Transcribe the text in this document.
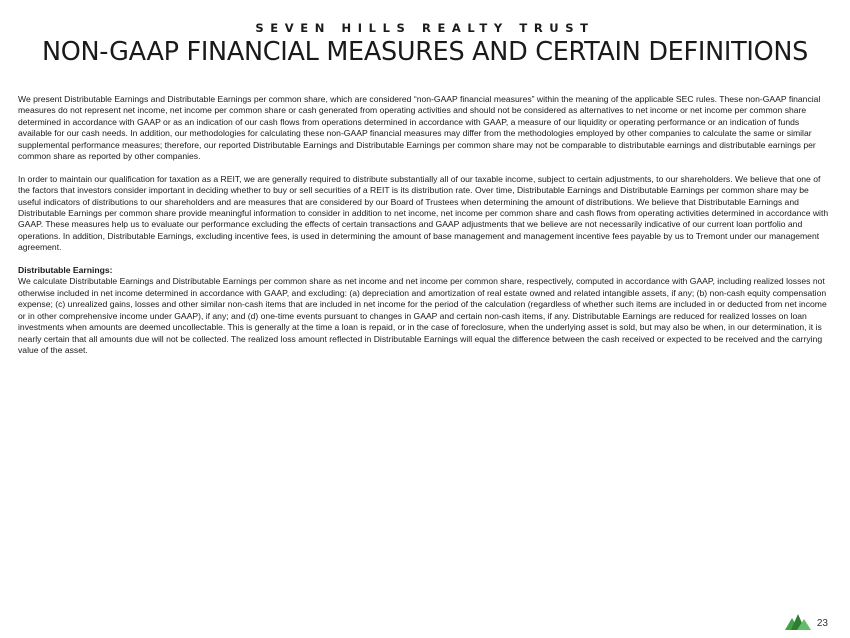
SEVEN HILLS REALTY TRUST
NON-GAAP FINANCIAL MEASURES AND CERTAIN DEFINITIONS

We present Distributable Earnings and Distributable Earnings per common share, which are considered “non-GAAP financial measures” within the meaning of the applicable SEC rules. These non-GAAP financial measures do not represent net income, net income per common share or cash generated from operating activities and should not be considered as alternatives to net income or net income per common share determined in accordance with GAAP or as an indication of our cash flows from operations determined in accordance with GAAP, a measure of our liquidity or operating performance or an indication of funds available for our cash needs. In addition, our methodologies for calculating these non-GAAP financial measures may differ from the methodologies employed by other companies to calculate the same or similar supplemental performance measures; therefore, our reported Distributable Earnings and Distributable Earnings per common share may not be comparable to distributable earnings and distributable earnings per common share as reported by other companies.

In order to maintain our qualification for taxation as a REIT, we are generally required to distribute substantially all of our taxable income, subject to certain adjustments, to our shareholders. We believe that one of the factors that investors consider important in deciding whether to buy or sell securities of a REIT is its distribution rate. Over time, Distributable Earnings and Distributable Earnings per common share may be useful indicators of distributions to our shareholders and are measures that are considered by our Board of Trustees when determining the amount of distributions. We believe that Distributable Earnings and Distributable Earnings per common share provide meaningful information to consider in addition to net income, net income per common share and cash flows from operating activities determined in accordance with GAAP. These measures help us to evaluate our performance excluding the effects of certain transactions and GAAP adjustments that we believe are not necessarily indicative of our current loan portfolio and operations. In addition, Distributable Earnings, excluding incentive fees, is used in determining the amount of base management and management incentive fees payable by us to Tremont under our management agreement.

Distributable Earnings:

We calculate Distributable Earnings and Distributable Earnings per common share as net income and net income per common share, respectively, computed in accordance with GAAP, including realized losses not otherwise included in net income determined in accordance with GAAP, and excluding: (a) depreciation and amortization of real estate owned and related intangible assets, if any; (b) non-cash equity compensation expense; (c) unrealized gains, losses and other similar non-cash items that are included in net income for the period of the calculation (regardless of whether such items are included in or deducted from net income or in other comprehensive income under GAAP), if any; and (d) one-time events pursuant to changes in GAAP and certain non-cash items, if any. Distributable Earnings are reduced for realized losses on loan investments when amounts are deemed uncollectable. This is generally at the time a loan is repaid, or in the case of foreclosure, when the underlying asset is sold, but may also be when, in our determination, it is nearly certain that all amounts due will not be collected. The realized loss amount reflected in Distributable Earnings will equal the difference between the cash received or expected to be received and the carrying value of the asset.

23
